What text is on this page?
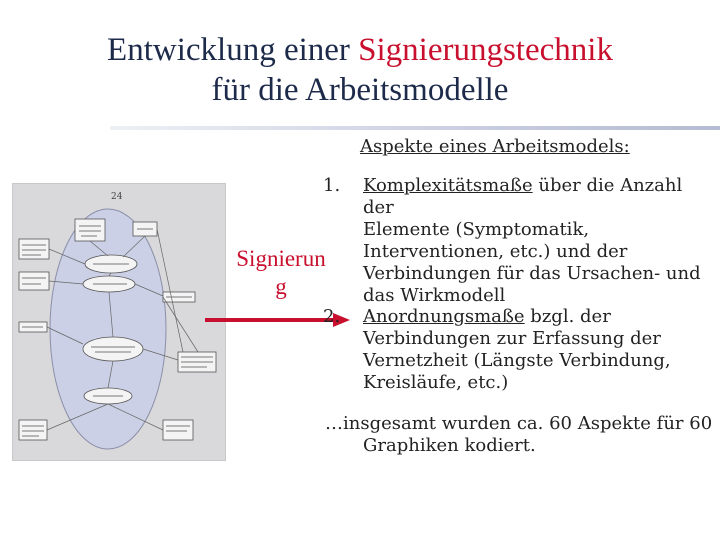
Entwicklung einer Signierungstechnik
für die Arbeitsmodelle
Aspekte eines Arbeitsmodels:
24
Signierun
g
1. Komplexitätsmaße über die Anzahl der
Elemente (Symptomatik,
Interventionen, etc.) und der
Verbindungen für das Ursachen- und
das Wirkmodell
2. Anordnungsmaße bzgl. der
Verbindungen zur Erfassung der
Vernetzheit (Längste Verbindung,
Kreisläufe, etc.)
…insgesamt wurden ca. 60 Aspekte für 60
Graphiken kodiert.
